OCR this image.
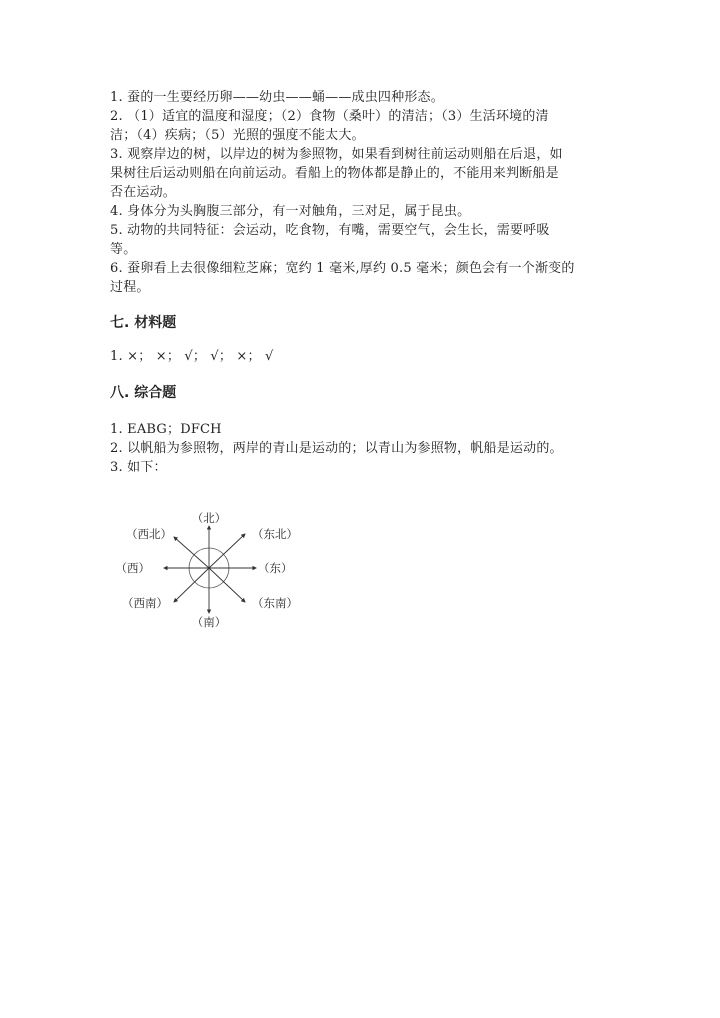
1. 蚕的一生要经历卵——幼虫——蛹——成虫四种形态。
2. （1）适宜的温度和湿度；（2）食物（桑叶）的清洁；（3）生活环境的清
洁；（4）疾病；（5）光照的强度不能太大。
3. 观察岸边的树，以岸边的树为参照物，如果看到树往前运动则船在后退，如
果树往后运动则船在向前运动。看船上的物体都是静止的，不能用来判断船是
否在运动。
4. 身体分为头胸腹三部分，有一对触角，三对足，属于昆虫。
5. 动物的共同特征：会运动，吃食物，有嘴，需要空气，会生长，需要呼吸
等。
6. 蚕卵看上去很像细粒芝麻；宽约 1 毫米,厚约 0.5 毫米；颜色会有一个渐变的
过程。
七. 材料题
1. ×； ×； √； √； ×； √
八. 综合题
1. EABG；DFCH
2. 以帆船为参照物，两岸的青山是运动的；以青山为参照物，帆船是运动的。
3. 如下：
（北）
（东北）
（东）
（东南）
（南）
（西南）
（西）
（西北）
